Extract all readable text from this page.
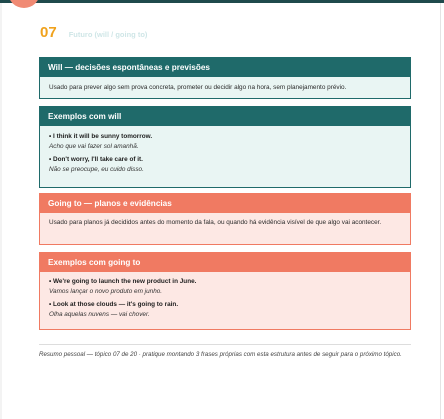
07 Futuro (will / going to)
Will — decisões espontâneas e previsões
Usado para prever algo sem prova concreta, prometer ou decidir algo na hora, sem planejamento prévio.
Exemplos com will
• I think it will be sunny tomorrow.
Acho que vai fazer sol amanhã.
• Don't worry, I'll take care of it.
Não se preocupe, eu cuido disso.
Going to — planos e evidências
Usado para planos já decididos antes do momento da fala, ou quando há evidência visível de que algo vai acontecer.
Exemplos com going to
• We're going to launch the new product in June.
Vamos lançar o novo produto em junho.
• Look at those clouds — it's going to rain.
Olha aquelas nuvens — vai chover.
Resumo pessoal — tópico 07 de 20 · pratique montando 3 frases próprias com esta estrutura antes de seguir para o próximo tópico.
